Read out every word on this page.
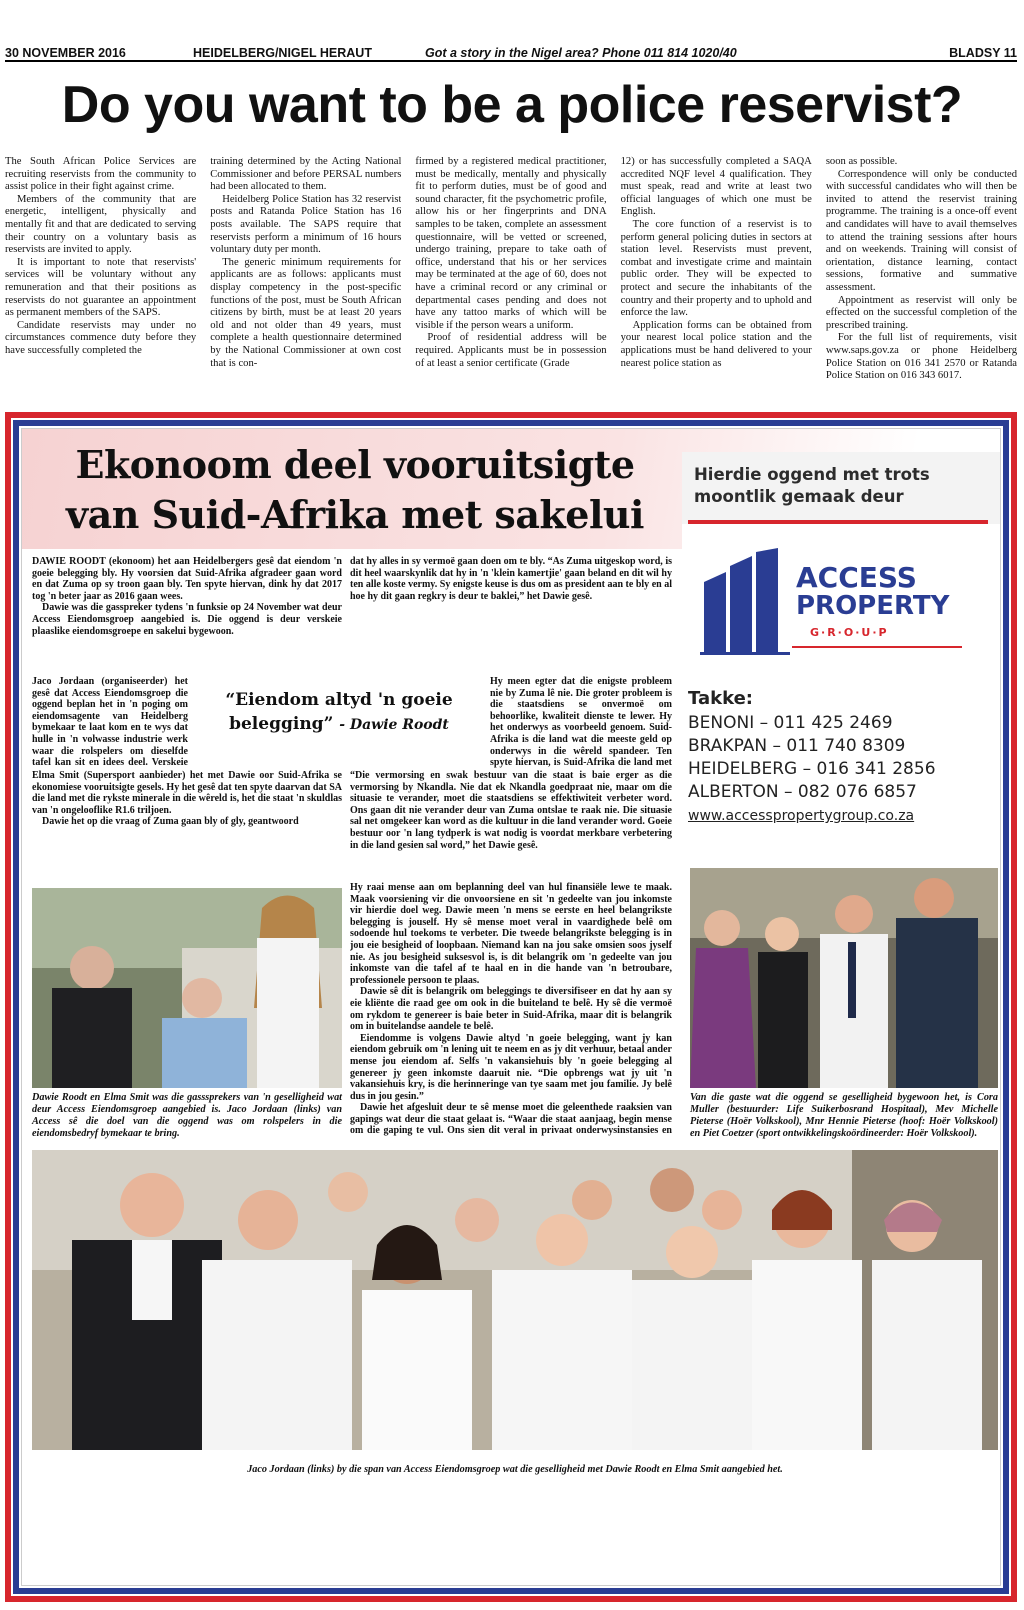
30 NOVEMBER 2016	HEIDELBERG/NIGEL HERAUT	Got a story in the Nigel area? Phone 011 814 1020/40	BLADSY 11
Do you want to be a police reservist?

The South African Police Services are recruiting reservists from the community to assist police in their fight against crime.

Members of the community that are energetic, intelligent, physically and mentally fit and that are dedicated to serving their country on a voluntary basis as reservists are invited to apply.

It is important to note that reservists' services will be voluntary without any remuneration and that their positions as reservists do not guarantee an appointment as permanent members of the SAPS.

Candidate reservists may under no circumstances commence duty before they have successfully completed the

training determined by the Acting National Commissioner and before PERSAL numbers had been allocated to them.

Heidelberg Police Station has 32 reservist posts and Ratanda Police Station has 16 posts available. The SAPS require that reservists perform a minimum of 16 hours voluntary duty per month.

The generic minimum requirements for applicants are as follows: applicants must display competency in the post-specific functions of the post, must be South African citizens by birth, must be at least 20 years old and not older than 49 years, must complete a health questionnaire determined by the National Commissioner at own cost that is con-

firmed by a registered medical practitioner, must be medically, mentally and physically fit to perform duties, must be of good and sound character, fit the psychometric profile, allow his or her fingerprints and DNA samples to be taken, complete an assessment questionnaire, will be vetted or screened, undergo training, prepare to take oath of office, understand that his or her services may be terminated at the age of 60, does not have a criminal record or any criminal or departmental cases pending and does not have any tattoo marks of which will be visible if the person wears a uniform.

Proof of residential address will be required. Applicants must be in possession of at least a senior certificate (Grade

12) or has successfully completed a SAQA accredited NQF level 4 qualification. They must speak, read and write at least two official languages of which one must be English.

The core function of a reservist is to perform general policing duties in sectors at station level. Reservists must prevent, combat and investigate crime and maintain public order. They will be expected to protect and secure the inhabitants of the country and their property and to uphold and enforce the law.

Application forms can be obtained from your nearest local police station and the applications must be hand delivered to your nearest police station as

soon as possible.

Correspondence will only be conducted with successful candidates who will then be invited to attend the reservist training programme. The training is a once-off event and candidates will have to avail themselves to attend the training sessions after hours and on weekends. Training will consist of orientation, distance learning, contact sessions, formative and summative assessment.

Appointment as reservist will only be effected on the successful completion of the prescribed training.

For the full list of requirements, visit www.saps.gov.za or phone Heidelberg Police Station on 016 341 2570 or Ratanda Police Station on 016 343 6017.

Ekonoom deel vooruitsigte
van Suid-Afrika met sakelui

DAWIE ROODT (ekonoom) het aan Heidelbergers gesê dat eiendom 'n goeie belegging bly. Hy voorsien dat Suid-Afrika afgradeer gaan word en dat Zuma op sy troon gaan bly. Ten spyte hiervan, dink hy dat 2017 tog 'n beter jaar as 2016 gaan wees.

Dawie was die gasspreker tydens 'n funksie op 24 November wat deur Access Eiendomsgroep aangebied is. Die oggend is deur verskeie plaaslike eiendomsgroepe en sakelui bygewoon.

Jaco Jordaan (organiseerder) het gesê dat Access Eiendomsgroep die oggend beplan het in 'n poging om eiendomsagente van Heidelberg bymekaar te laat kom en te wys dat hulle in 'n volwasse industrie werk waar die rolspelers om dieselfde tafel kan sit en idees deel. Verskeie

Elma Smit (Supersport aanbieder) het met Dawie oor Suid-Afrika se ekonomiese vooruitsigte gesels. Hy het gesê dat ten spyte daarvan dat SA die land met die rykste minerale in die wêreld is, het die staat 'n skuldlas van 'n ongelooflike R1.6 triljoen.

Dawie het op die vraag of Zuma gaan bly of gly, geantwoord

dat hy alles in sy vermoë gaan doen om te bly. “As Zuma uitgeskop word, is dit heel waarskynlik dat hy in 'n 'klein kamertjie' gaan beland en dit wil hy ten alle koste vermy. Sy enigste keuse is dus om as president aan te bly en al hoe hy dit gaan regkry is deur te baklei,” het Dawie gesê.

Hy meen egter dat die enigste probleem nie by Zuma lê nie. Die groter probleem is die staatsdiens se onvermoë om behoorlike, kwaliteit dienste te lewer. Hy het onderwys as voorbeeld genoem. Suid-Afrika is die land wat die meeste geld op onderwys in die wêreld spandeer. Ten spyte hiervan, is Suid-Afrika die land met

“Die vermorsing en swak bestuur van die staat is baie erger as die vermorsing by Nkandla. Nie dat ek Nkandla goedpraat nie, maar om die situasie te verander, moet die staatsdiens se effektiwiteit verbeter word. Ons gaan dit nie verander deur van Zuma ontslae te raak nie. Die situasie sal net omgekeer kan word as die kultuur in die land verander word. Goeie bestuur oor 'n lang tydperk is wat nodig is voordat merkbare verbetering in die land gesien sal word,” het Dawie gesê.

“Eiendom altyd 'n goeie belegging” - Dawie Roodt

Hy raai mense aan om beplanning deel van hul finansiële lewe te maak. Maak voorsiening vir die onvoorsiene en sit 'n gedeelte van jou inkomste vir hierdie doel weg. Dawie meen 'n mens se eerste en heel belangrikste belegging is jouself. Hy sê mense moet veral in vaardighede belê om sodoende hul toekoms te verbeter. Die tweede belangrikste belegging is in jou eie besigheid of loopbaan. Niemand kan na jou sake omsien soos jyself nie. As jou besigheid suksesvol is, is dit belangrik om 'n gedeelte van jou inkomste van die tafel af te haal en in die hande van 'n betroubare, professionele persoon te plaas.

Dawie sê dit is belangrik om beleggings te diversifiseer en dat hy aan sy eie kliënte die raad gee om ook in die buiteland te belê. Hy sê die vermoë om rykdom te genereer is baie beter in Suid-Afrika, maar dit is belangrik om in buitelandse aandele te belê.

Eiendomme is volgens Dawie altyd 'n goeie belegging, want jy kan eiendom gebruik om 'n lening uit te neem en as jy dit verhuur, betaal ander mense jou eiendom af. Selfs 'n vakansiehuis bly 'n goeie belegging al genereer jy geen inkomste daaruit nie. “Die opbrengs wat jy uit 'n vakansiehuis kry, is die herinneringe van tye saam met jou familie. Jy belê dus in jou gesin.”

Dawie het afgesluit deur te sê mense moet die geleenthede raaksien van gapings wat deur die staat gelaat is. “Waar die staat aanjaag, begin mense om die gaping te vul. Ons sien dit veral in privaat onderwysinstansies en

Dawie Roodt en Elma Smit was die gasssprekers van 'n geselligheid wat deur Access Eiendomsgroep aangebied is. Jaco Jordaan (links) van Access sê die doel van die oggend was om rolspelers in die eiendomsbedryf bymekaar te bring.
Hierdie oggend met trots
moontlik gemaak deur
ACCESS
PROPERTY
G·R·O·U·P
Takke:
BENONI – 011 425 2469
BRAKPAN – 011 740 8309
HEIDELBERG – 016 341 2856
ALBERTON – 082 076 6857
www.accesspropertygroup.co.za
Van die gaste wat die oggend se geselligheid bygewoon het, is Cora Muller (bestuurder: Life Suikerbosrand Hospitaal), Mev Michelle Pieterse (Hoër Volkskool), Mnr Hennie Pieterse (hoof: Hoër Volkskool) en Piet Coetzer (sport ontwikkelingskoördineerder: Hoër Volkskool).
Jaco Jordaan (links) by die span van Access Eiendomsgroep wat die geselligheid met Dawie Roodt en Elma Smit aangebied het.
